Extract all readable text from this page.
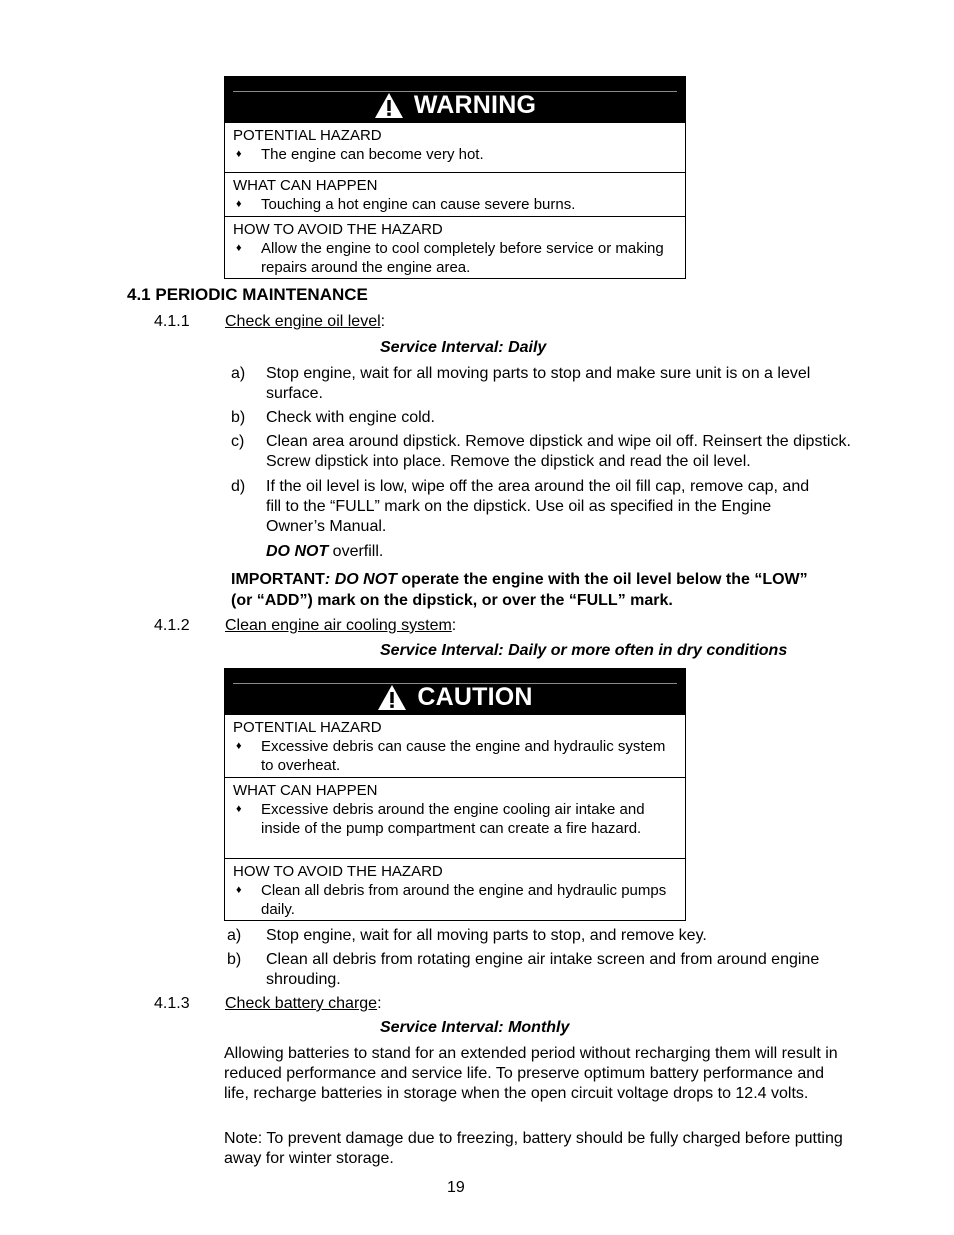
WARNING
POTENTIAL HAZARD
♦ The engine can become very hot.
WHAT CAN HAPPEN
♦ Touching a hot engine can cause severe burns.
HOW TO AVOID THE HAZARD
♦ Allow the engine to cool completely before service or making repairs around the engine area.
4.1 PERIODIC MAINTENANCE
4.1.1 Check engine oil level:
Service Interval: Daily
a) Stop engine, wait for all moving parts to stop and make sure unit is on a level surface.
b) Check with engine cold.
c) Clean area around dipstick. Remove dipstick and wipe oil off. Reinsert the dipstick. Screw dipstick into place. Remove the dipstick and read the oil level.
d) If the oil level is low, wipe off the area around the oil fill cap, remove cap, and fill to the “FULL” mark on the dipstick. Use oil as specified in the Engine Owner’s Manual.
DO NOT overfill.
IMPORTANT: DO NOT operate the engine with the oil level below the “LOW” (or “ADD”) mark on the dipstick, or over the “FULL” mark.
4.1.2 Clean engine air cooling system:
Service Interval: Daily or more often in dry conditions
CAUTION
POTENTIAL HAZARD
♦ Excessive debris can cause the engine and hydraulic system to overheat.
WHAT CAN HAPPEN
♦ Excessive debris around the engine cooling air intake and inside of the pump compartment can create a fire hazard.
HOW TO AVOID THE HAZARD
♦ Clean all debris from around the engine and hydraulic pumps daily.
a) Stop engine, wait for all moving parts to stop, and remove key.
b) Clean all debris from rotating engine air intake screen and from around engine shrouding.
4.1.3 Check battery charge:
Service Interval: Monthly
Allowing batteries to stand for an extended period without recharging them will result in reduced performance and service life. To preserve optimum battery performance and life, recharge batteries in storage when the open circuit voltage drops to 12.4 volts.
Note: To prevent damage due to freezing, battery should be fully charged before putting away for winter storage.
19
